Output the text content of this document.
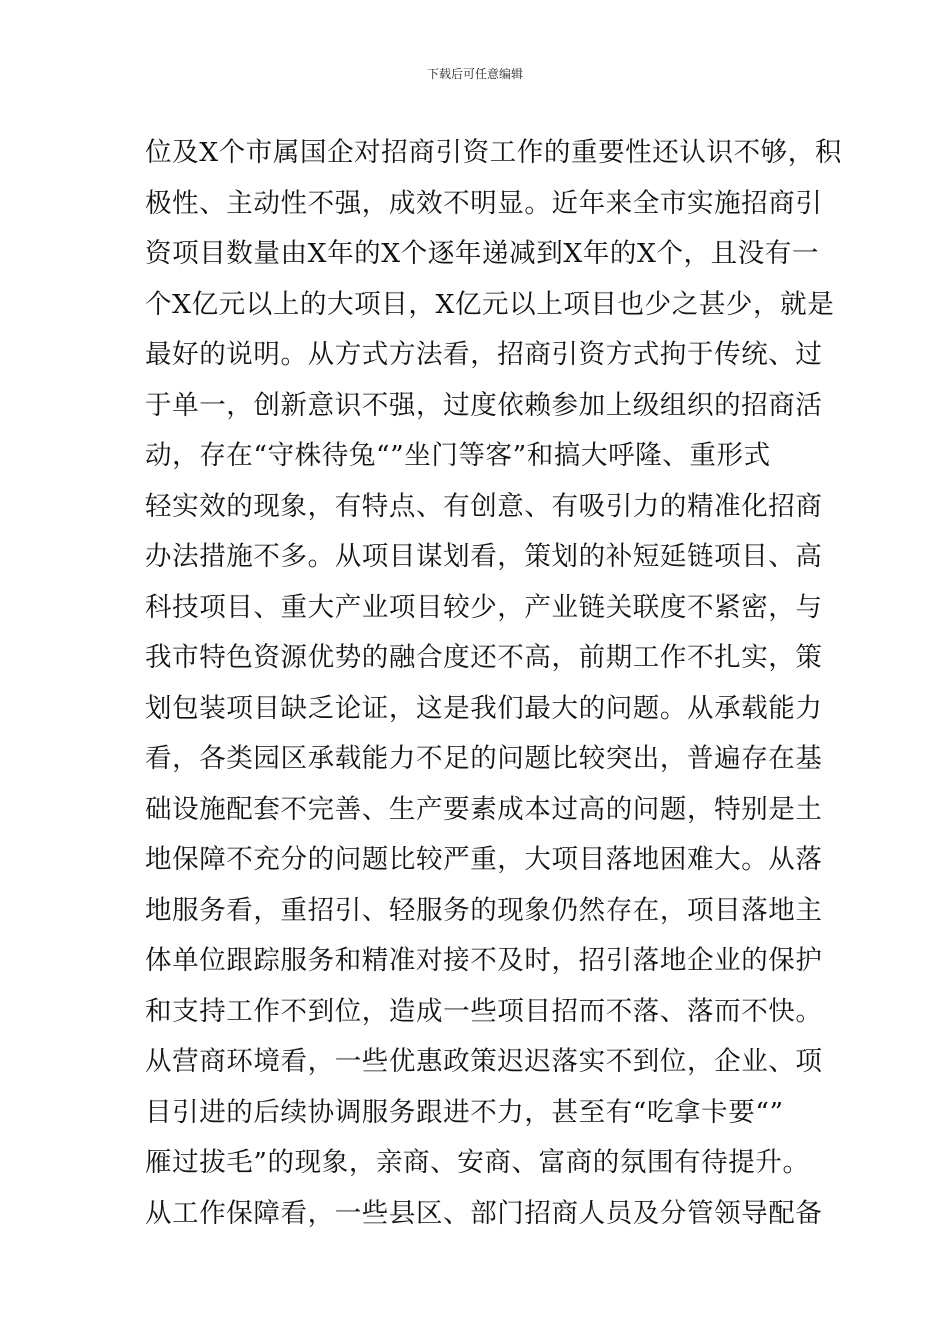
下载后可任意编辑
位及X个市属国企对招商引资工作的重要性还认识不够，积
极性、主动性不强，成效不明显。近年来全市实施招商引
资项目数量由X年的X个逐年递减到X年的X个，且没有一
个X亿元以上的大项目，X亿元以上项目也少之甚少，就是
最好的说明。从方式方法看，招商引资方式拘于传统、过
于单一，创新意识不强，过度依赖参加上级组织的招商活
动，存在“守株待兔“”坐门等客”和搞大呼隆、重形式
轻实效的现象，有特点、有创意、有吸引力的精准化招商
办法措施不多。从项目谋划看，策划的补短延链项目、高
科技项目、重大产业项目较少，产业链关联度不紧密，与
我市特色资源优势的融合度还不高，前期工作不扎实，策
划包装项目缺乏论证，这是我们最大的问题。从承载能力
看，各类园区承载能力不足的问题比较突出，普遍存在基
础设施配套不完善、生产要素成本过高的问题，特别是土
地保障不充分的问题比较严重，大项目落地困难大。从落
地服务看，重招引、轻服务的现象仍然存在，项目落地主
体单位跟踪服务和精准对接不及时，招引落地企业的保护
和支持工作不到位，造成一些项目招而不落、落而不快。
从营商环境看，一些优惠政策迟迟落实不到位，企业、项
目引进的后续协调服务跟进不力，甚至有“吃拿卡要“”
雁过拔毛”的现象，亲商、安商、富商的氛围有待提升。
从工作保障看，一些县区、部门招商人员及分管领导配备
